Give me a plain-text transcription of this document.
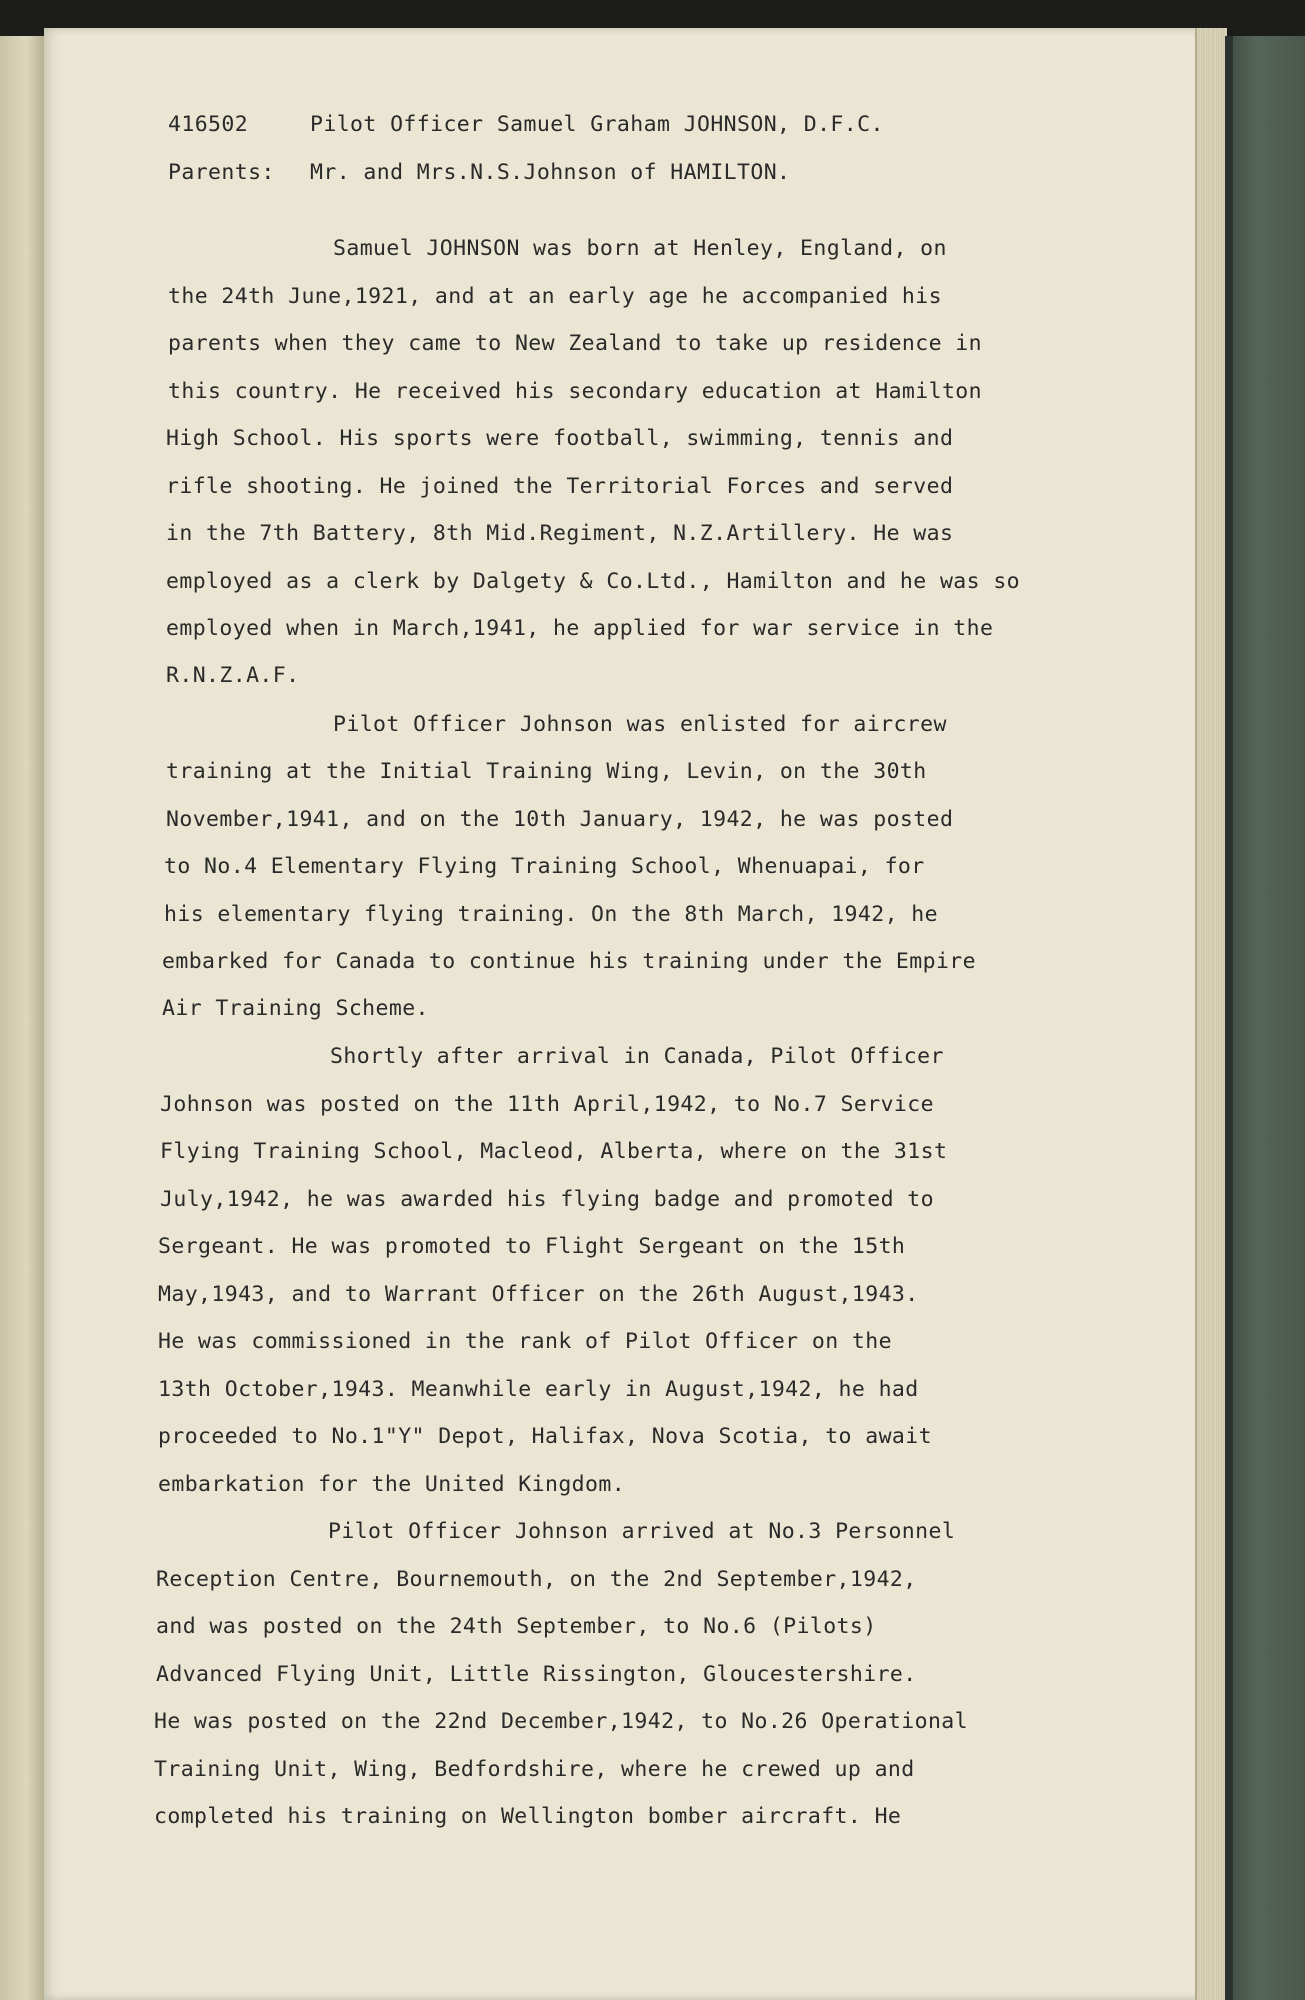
416502	Pilot Officer Samuel Graham JOHNSON, D.F.C.

Parents: Mr. and Mrs.N.S.Johnson of HAMILTON.

Samuel JOHNSON was born at Henley, England, on

the 24th June,1921, and at an early age he accompanied his

parents when they came to New Zealand to take up residence in

this country. He received his secondary education at Hamilton

High School. His sports were football, swimming, tennis and

rifle shooting. He joined the Territorial Forces and served

in the 7th Battery, 8th Mid.Regiment, N.Z.Artillery. He was

employed as a clerk by Dalgety & Co.Ltd., Hamilton and he was so

employed when in March,1941, he applied for war service in the

R.N.Z.A.F.

Pilot Officer Johnson was enlisted for aircrew

training at the Initial Training Wing, Levin, on the 30th

November,1941, and on the 10th January, 1942, he was posted

to No.4 Elementary Flying Training School, Whenuapai, for

his elementary flying training. On the 8th March, 1942, he

embarked for Canada to continue his training under the Empire

Air Training Scheme.

Shortly after arrival in Canada, Pilot Officer

Johnson was posted on the 11th April,1942, to No.7 Service

Flying Training School, Macleod, Alberta, where on the 31st

July,1942, he was awarded his flying badge and promoted to

Sergeant. He was promoted to Flight Sergeant on the 15th

May,1943, and to Warrant Officer on the 26th August,1943.

He was commissioned in the rank of Pilot Officer on the

13th October,1943. Meanwhile early in August,1942, he had

proceeded to No.1"Y" Depot, Halifax, Nova Scotia, to await

embarkation for the United Kingdom.

Pilot Officer Johnson arrived at No.3 Personnel

Reception Centre, Bournemouth, on the 2nd September,1942,

and was posted on the 24th September, to No.6 (Pilots)

Advanced Flying Unit, Little Rissington, Gloucestershire.

He was posted on the 22nd December,1942, to No.26 Operational

Training Unit, Wing, Bedfordshire, where he crewed up and

completed his training on Wellington bomber aircraft. He
